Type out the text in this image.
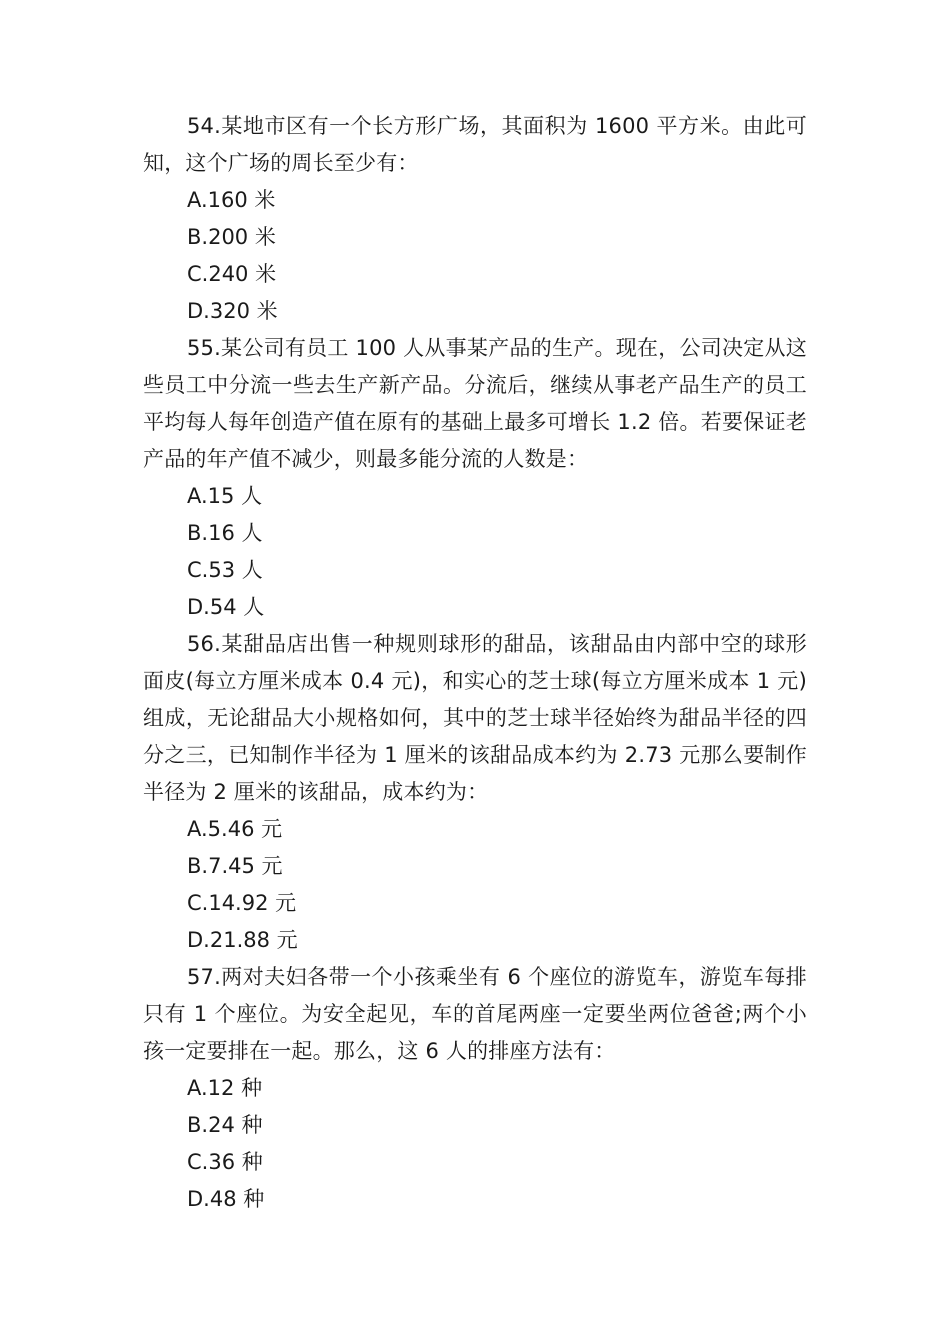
54.某地市区有一个长方形广场，其面积为 1600 平方米。由此可知，这个广场的周长至少有：

A.160 米
B.200 米
C.240 米
D.320 米

55.某公司有员工 100 人从事某产品的生产。现在，公司决定从这些员工中分流一些去生产新产品。分流后，继续从事老产品生产的员工平均每人每年创造产值在原有的基础上最多可增长 1.2 倍。若要保证老产品的年产值不减少，则最多能分流的人数是：

A.15 人
B.16 人
C.53 人
D.54 人

56.某甜品店出售一种规则球形的甜品，该甜品由内部中空的球形面皮(每立方厘米成本 0.4 元)，和实心的芝士球(每立方厘米成本 1 元)组成，无论甜品大小规格如何，其中的芝士球半径始终为甜品半径的四分之三，已知制作半径为 1 厘米的该甜品成本约为 2.73 元那么要制作半径为 2 厘米的该甜品，成本约为：

A.5.46 元
B.7.45 元
C.14.92 元
D.21.88 元

57.两对夫妇各带一个小孩乘坐有 6 个座位的游览车，游览车每排只有 1 个座位。为安全起见，车的首尾两座一定要坐两位爸爸;两个小孩一定要排在一起。那么，这 6 人的排座方法有：

A.12 种
B.24 种
C.36 种
D.48 种
